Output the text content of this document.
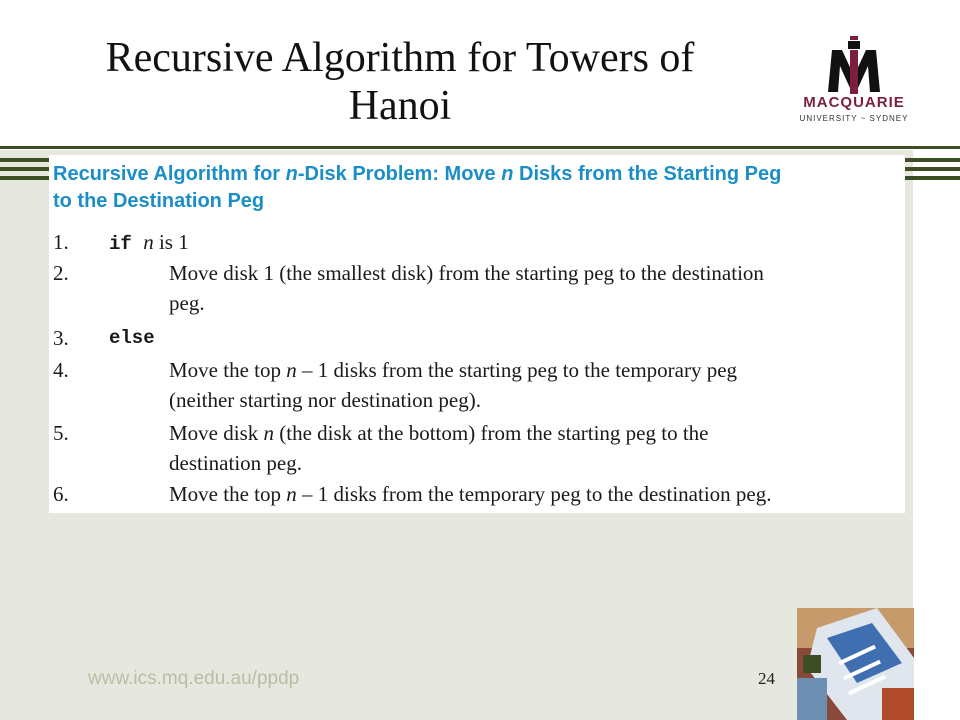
Recursive Algorithm for Towers of
Hanoi	MACQUARIE
UNIVERSITY ~ SYDNEY
Recursive Algorithm for n-Disk Problem: Move n Disks from the Starting Peg
to the Destination Peg
1. if n is 1
2.	Move disk 1 (the smallest disk) from the starting peg to the destination
peg.
3. else
4.	Move the top n – 1 disks from the starting peg to the temporary peg
(neither starting nor destination peg).
5.	Move disk n (the disk at the bottom) from the starting peg to the
destination peg.
6.	Move the top n – 1 disks from the temporary peg to the destination peg.
www.ics.mq.edu.au/ppdp	24
